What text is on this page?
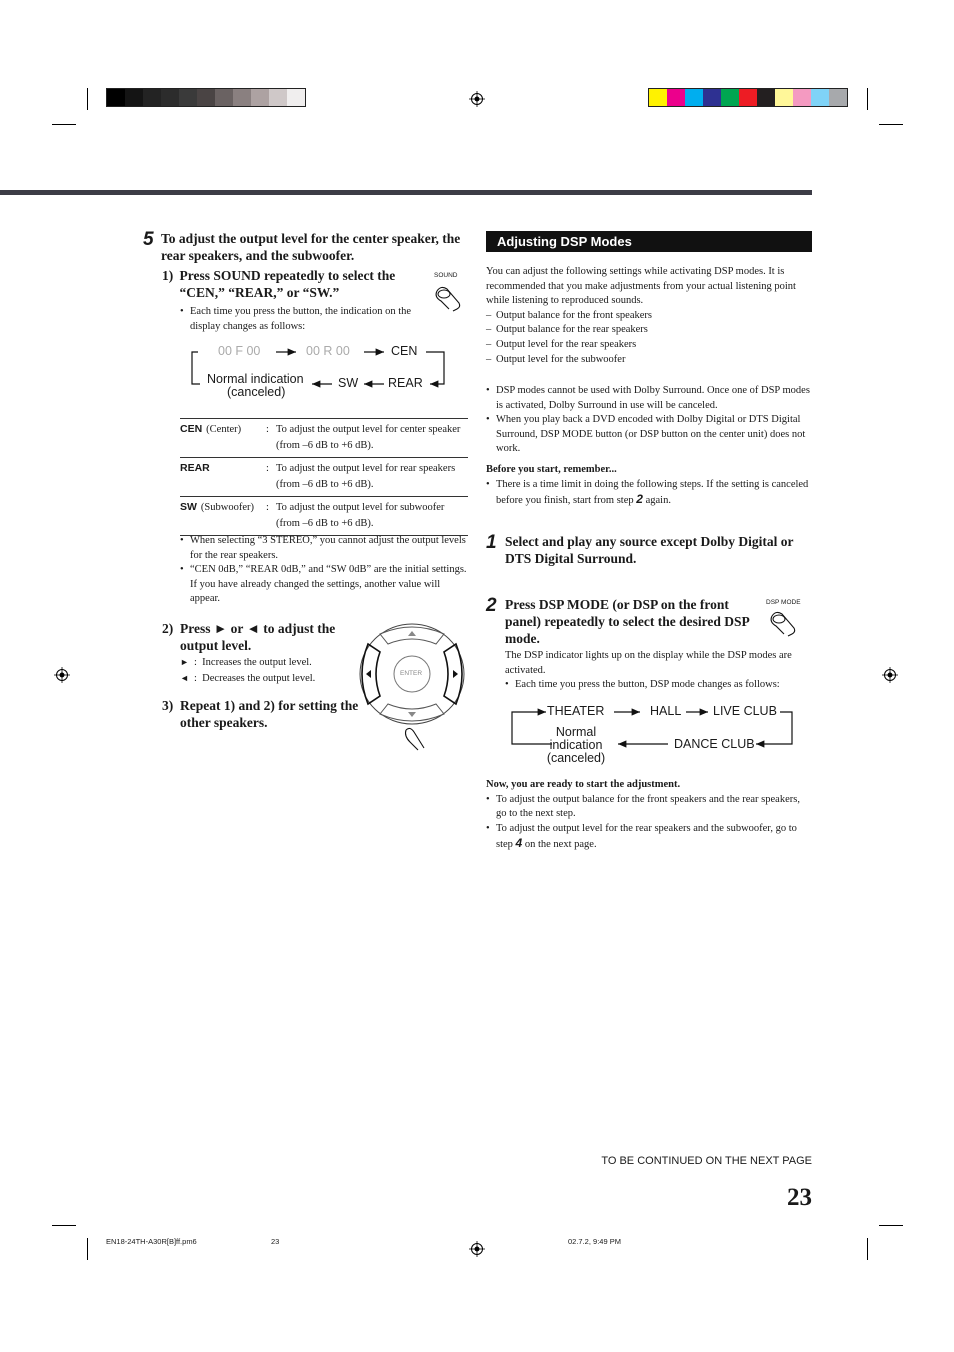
5 To adjust the output level for the center speaker, the rear speakers, and the subwoofer.
1) Press SOUND repeatedly to select the “CEN,” “REAR,” or “SW.”
• Each time you press the button, the indication on the display changes as follows:
SOUND
00 F 00	00 R 00	CEN
REAR
SW
Normal indication
(canceled)
CEN (Center)	:	To adjust the output level for center speaker (from –6 dB to +6 dB).
REAR	:	To adjust the output level for rear speakers (from –6 dB to +6 dB).
SW (Subwoofer)	:	To adjust the output level for subwoofer (from –6 dB to +6 dB).
• When selecting “3 STEREO,” you cannot adjust the output levels for the rear speakers.
• “CEN 0dB,” “REAR 0dB,” and “SW 0dB” are the initial settings. If you have already changed the settings, another value will appear.
2) Press ► or ◄ to adjust the output level.
► :  Increases the output level.
◄ :  Decreases the output level.
3) Repeat 1) and 2) for setting the other speakers.
ENTER
Adjusting DSP Modes
You can adjust the following settings while activating DSP modes. It is recommended that you make adjustments from your actual listening point while listening to reproduced sounds.
– Output balance for the front speakers
– Output balance for the rear speakers
– Output level for the rear speakers
– Output level for the subwoofer
• DSP modes cannot be used with Dolby Surround. Once one of DSP modes is activated, Dolby Surround in use will be canceled.
• When you play back a DVD encoded with Dolby Digital or DTS Digital Surround, DSP MODE button (or DSP button on the center unit) does not work.
Before you start, remember...
• There is a time limit in doing the following steps. If the setting is canceled before you finish, start from step 2 again.
1 Select and play any source except Dolby Digital or DTS Digital Surround.
2 Press DSP MODE (or DSP on the front panel) repeatedly to select the desired DSP mode.
The DSP indicator lights up on the display while the DSP modes are activated.
• Each time you press the button, DSP mode changes as follows:
DSP MODE
THEATER	HALL	LIVE CLUB
DANCE CLUB
Normal
indication
(canceled)
Now, you are ready to start the adjustment.
• To adjust the output balance for the front speakers and the rear speakers, go to the next step.
• To adjust the output level for the rear speakers and the subwoofer, go to step 4 on the next page.
TO BE CONTINUED ON THE NEXT PAGE
23
EN18-24TH-A30R[B]ff.pm6	23	02.7.2, 9:49 PM
